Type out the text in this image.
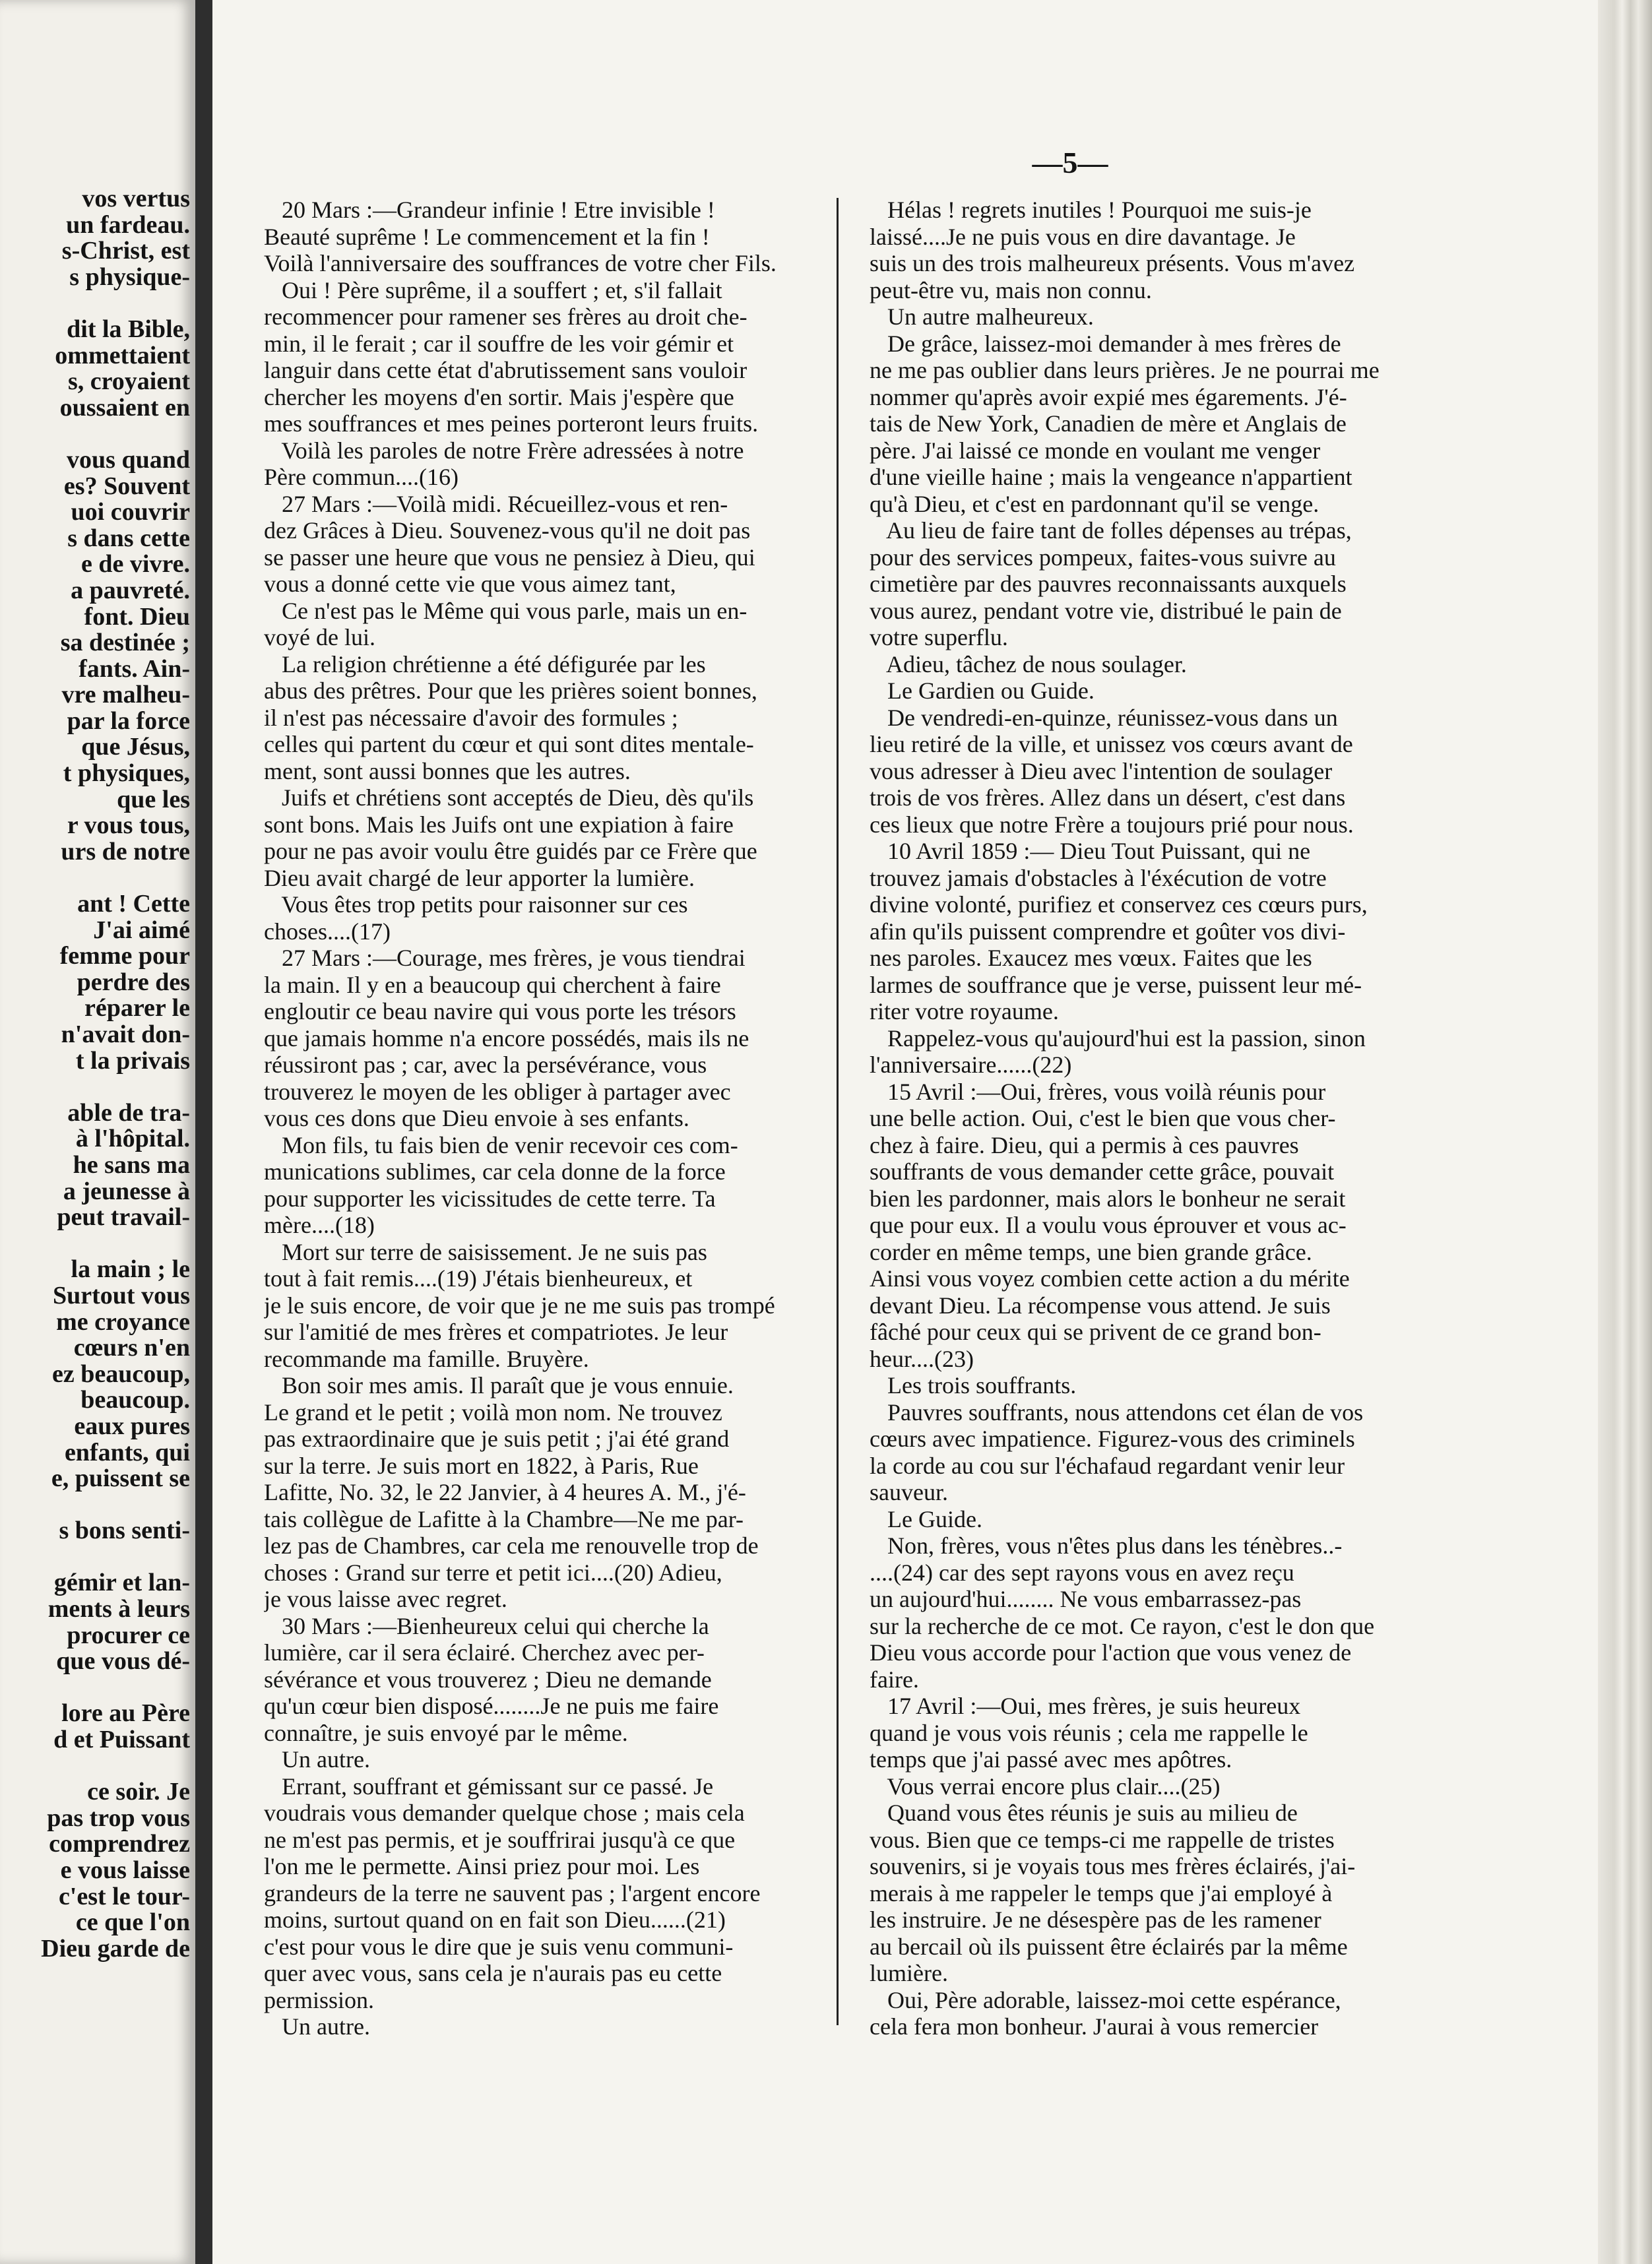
vos vertus
un fardeau.
s-Christ, est
s physique-

dit la Bible,
ommettaient
s, croyaient
oussaient en

vous quand
es? Souvent
uoi couvrir
s dans cette
e de vivre.
a pauvreté.
font. Dieu
sa destinée ;
fants. Ain-
vre malheu-
par la force
que Jésus,
t physiques,
que les
r vous tous,
urs de notre

ant ! Cette
J'ai aimé
femme pour
perdre des
réparer le
n'avait don-
t la privais

able de tra-
à l'hôpital.
he sans ma
a jeunesse à
peut travail-

la main ; le
Surtout vous
me croyance
cœurs n'en
ez beaucoup,
beaucoup.
eaux pures
enfants, qui
e, puissent se

s bons senti-

gémir et lan-
ments à leurs
procurer ce
que vous dé-

lore au Père
d et Puissant

ce soir. Je
pas trop vous
comprendrez
e vous laisse
c'est le tour-
ce que l'on
Dieu garde de
—5—
20 Mars :—Grandeur infinie ! Etre invisible !
Beauté suprême ! Le commencement et la fin !
Voilà l'anniversaire des souffrances de votre cher Fils.
Oui ! Père suprême, il a souffert ; et, s'il fallait
recommencer pour ramener ses frères au droit che-
min, il le ferait ; car il souffre de les voir gémir et
languir dans cette état d'abrutissement sans vouloir
chercher les moyens d'en sortir. Mais j'espère que
mes souffrances et mes peines porteront leurs fruits.
Voilà les paroles de notre Frère adressées à notre
Père commun....(16)
27 Mars :—Voilà midi. Récueillez-vous et ren-
dez Grâces à Dieu. Souvenez-vous qu'il ne doit pas
se passer une heure que vous ne pensiez à Dieu, qui
vous a donné cette vie que vous aimez tant,
Ce n'est pas le Même qui vous parle, mais un en-
voyé de lui.
La religion chrétienne a été défigurée par les
abus des prêtres. Pour que les prières soient bonnes,
il n'est pas nécessaire d'avoir des formules ;
celles qui partent du cœur et qui sont dites mentale-
ment, sont aussi bonnes que les autres.
Juifs et chrétiens sont acceptés de Dieu, dès qu'ils
sont bons. Mais les Juifs ont une expiation à faire
pour ne pas avoir voulu être guidés par ce Frère que
Dieu avait chargé de leur apporter la lumière.
Vous êtes trop petits pour raisonner sur ces
choses....(17)
27 Mars :—Courage, mes frères, je vous tiendrai
la main. Il y en a beaucoup qui cherchent à faire
engloutir ce beau navire qui vous porte les trésors
que jamais homme n'a encore possédés, mais ils ne
réussiront pas ; car, avec la persévérance, vous
trouverez le moyen de les obliger à partager avec
vous ces dons que Dieu envoie à ses enfants.
Mon fils, tu fais bien de venir recevoir ces com-
munications sublimes, car cela donne de la force
pour supporter les vicissitudes de cette terre. Ta
mère....(18)
Mort sur terre de saisissement. Je ne suis pas
tout à fait remis....(19) J'étais bienheureux, et
je le suis encore, de voir que je ne me suis pas trompé
sur l'amitié de mes frères et compatriotes. Je leur
recommande ma famille. Bruyère.
Bon soir mes amis. Il paraît que je vous ennuie.
Le grand et le petit ; voilà mon nom. Ne trouvez
pas extraordinaire que je suis petit ; j'ai été grand
sur la terre. Je suis mort en 1822, à Paris, Rue
Lafitte, No. 32, le 22 Janvier, à 4 heures A. M., j'é-
tais collègue de Lafitte à la Chambre—Ne me par-
lez pas de Chambres, car cela me renouvelle trop de
choses : Grand sur terre et petit ici....(20) Adieu,
je vous laisse avec regret.
30 Mars :—Bienheureux celui qui cherche la
lumière, car il sera éclairé. Cherchez avec per-
sévérance et vous trouverez ; Dieu ne demande
qu'un cœur bien disposé........Je ne puis me faire
connaître, je suis envoyé par le même.
Un autre.
Errant, souffrant et gémissant sur ce passé. Je
voudrais vous demander quelque chose ; mais cela
ne m'est pas permis, et je souffrirai jusqu'à ce que
l'on me le permette. Ainsi priez pour moi. Les
grandeurs de la terre ne sauvent pas ; l'argent encore
moins, surtout quand on en fait son Dieu......(21)
c'est pour vous le dire que je suis venu communi-
quer avec vous, sans cela je n'aurais pas eu cette
permission.
Un autre.
Hélas ! regrets inutiles ! Pourquoi me suis-je
laissé....Je ne puis vous en dire davantage. Je
suis un des trois malheureux présents. Vous m'avez
peut-être vu, mais non connu.
Un autre malheureux.
De grâce, laissez-moi demander à mes frères de
ne me pas oublier dans leurs prières. Je ne pourrai me
nommer qu'après avoir expié mes égarements. J'é-
tais de New York, Canadien de mère et Anglais de
père. J'ai laissé ce monde en voulant me venger
d'une vieille haine ; mais la vengeance n'appartient
qu'à Dieu, et c'est en pardonnant qu'il se venge.
Au lieu de faire tant de folles dépenses au trépas,
pour des services pompeux, faites-vous suivre au
cimetière par des pauvres reconnaissants auxquels
vous aurez, pendant votre vie, distribué le pain de
votre superflu.
Adieu, tâchez de nous soulager.
Le Gardien ou Guide.
De vendredi-en-quinze, réunissez-vous dans un
lieu retiré de la ville, et unissez vos cœurs avant de
vous adresser à Dieu avec l'intention de soulager
trois de vos frères. Allez dans un désert, c'est dans
ces lieux que notre Frère a toujours prié pour nous.
10 Avril 1859 :— Dieu Tout Puissant, qui ne
trouvez jamais d'obstacles à l'éxécution de votre
divine volonté, purifiez et conservez ces cœurs purs,
afin qu'ils puissent comprendre et goûter vos divi-
nes paroles. Exaucez mes vœux. Faites que les
larmes de souffrance que je verse, puissent leur mé-
riter votre royaume.
Rappelez-vous qu'aujourd'hui est la passion, sinon
l'anniversaire......(22)
15 Avril :—Oui, frères, vous voilà réunis pour
une belle action. Oui, c'est le bien que vous cher-
chez à faire. Dieu, qui a permis à ces pauvres
souffrants de vous demander cette grâce, pouvait
bien les pardonner, mais alors le bonheur ne serait
que pour eux. Il a voulu vous éprouver et vous ac-
corder en même temps, une bien grande grâce.
Ainsi vous voyez combien cette action a du mérite
devant Dieu. La récompense vous attend. Je suis
fâché pour ceux qui se privent de ce grand bon-
heur....(23)
Les trois souffrants.
Pauvres souffrants, nous attendons cet élan de vos
cœurs avec impatience. Figurez-vous des criminels
la corde au cou sur l'échafaud regardant venir leur
sauveur.
Le Guide.
Non, frères, vous n'êtes plus dans les ténèbres..-
....(24) car des sept rayons vous en avez reçu
un aujourd'hui........ Ne vous embarrassez-pas
sur la recherche de ce mot. Ce rayon, c'est le don que
Dieu vous accorde pour l'action que vous venez de
faire.
17 Avril :—Oui, mes frères, je suis heureux
quand je vous vois réunis ; cela me rappelle le
temps que j'ai passé avec mes apôtres.
Vous verrai encore plus clair....(25)
Quand vous êtes réunis je suis au milieu de
vous. Bien que ce temps-ci me rappelle de tristes
souvenirs, si je voyais tous mes frères éclairés, j'ai-
merais à me rappeler le temps que j'ai employé à
les instruire. Je ne désespère pas de les ramener
au bercail où ils puissent être éclairés par la même
lumière.
Oui, Père adorable, laissez-moi cette espérance,
cela fera mon bonheur. J'aurai à vous remercier
